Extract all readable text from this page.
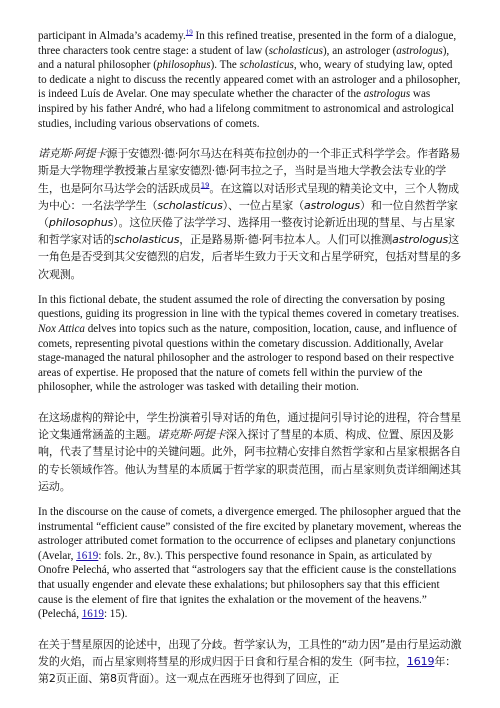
participant in Almada’s academy.$^{19}$ In this refined treatise, presented in the form of a dialogue, three characters took centre stage: a student of law (scholasticus), an astrologer (astrologus), and a natural philosopher (philosophus). The scholasticus, who, weary of studying law, opted to dedicate a night to discuss the recently appeared comet with an astrologer and a philosopher, is indeed Luís de Avelar. One may speculate whether the character of the astrologus was inspired by his father André, who had a lifelong commitment to astronomical and astrological studies, including various observations of comets.

诺克斯·阿提卡源于安德烈·德·阿尔马达在科英布拉创办的一个非正式科学学会。作者路易斯是大学物理学教授兼占星家安德烈·德·阿韦拉之子，当时是当地大学教会法专业的学生，也是阿尔马达学会的活跃成员$^{19}$。在这篇以对话形式呈现的精美论文中，三个人物成为中心：一名法学学生（scholasticus）、一位占星家（astrologus）和一位自然哲学家（philosophus）。这位厌倦了法学学习、选择用一整夜讨论新近出现的彗星、与占星家和哲学家对话的scholasticus，正是路易斯·德·阿韦拉本人。人们可以推测astrologus这一角色是否受到其父安德烈的启发，后者毕生致力于天文和占星学研究，包括对彗星的多次观测。

In this fictional debate, the student assumed the role of directing the conversation by posing questions, guiding its progression in line with the typical themes covered in cometary treatises. Nox Attica delves into topics such as the nature, composition, location, cause, and influence of comets, representing pivotal questions within the cometary discussion. Additionally, Avelar stage-managed the natural philosopher and the astrologer to respond based on their respective areas of expertise. He proposed that the nature of comets fell within the purview of the philosopher, while the astrologer was tasked with detailing their motion.

在这场虚构的辩论中，学生扮演着引导对话的角色，通过提问引导讨论的进程，符合彗星论文集通常涵盖的主题。诺克斯·阿提卡深入探讨了彗星的本质、构成、位置、原因及影响，代表了彗星讨论中的关键问题。此外，阿韦拉精心安排自然哲学家和占星家根据各自的专长领域作答。他认为彗星的本质属于哲学家的职责范围，而占星家则负责详细阐述其运动。

In the discourse on the cause of comets, a divergence emerged. The philosopher argued that the instrumental “efficient cause” consisted of the fire excited by planetary movement, whereas the astrologer attributed comet formation to the occurrence of eclipses and planetary conjunctions (Avelar, 1619: fols. 2r., 8v.). This perspective found resonance in Spain, as articulated by Onofre Pelechá, who asserted that “astrologers say that the efficient cause is the constellations that usually engender and elevate these exhalations; but philosophers say that this efficient cause is the element of fire that ignites the exhalation or the movement of the heavens.” (Pelechá, 1619: 15).

在关于彗星原因的论述中，出现了分歧。哲学家认为，工具性的“动力因”是由行星运动激发的火焰，而占星家则将彗星的形成归因于日食和行星合相的发生（阿韦拉，1619年：第2页正面、第8页背面）。这一观点在西班牙也得到了回应，正
